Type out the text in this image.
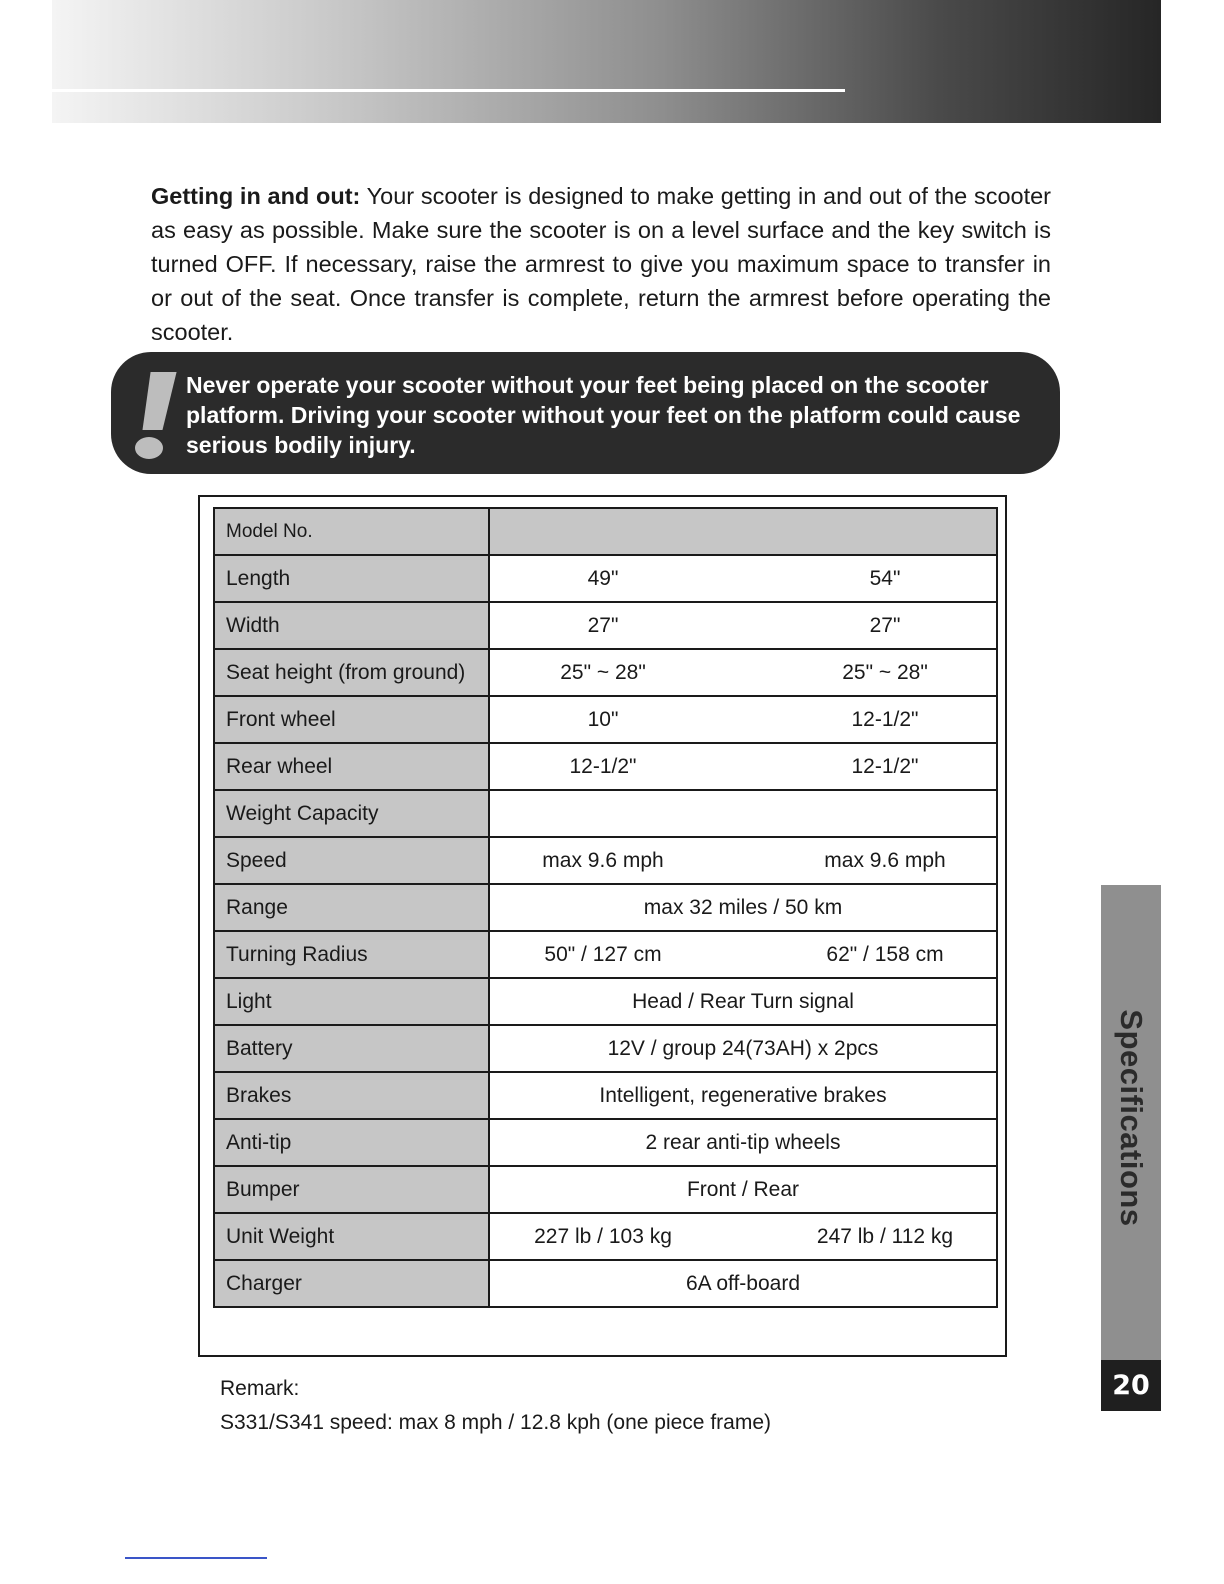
Getting in and out: Your scooter is designed to make getting in and out of the scooter as easy as possible. Make sure the scooter is on a level surface and the key switch is turned OFF. If necessary, raise the armrest to give you maximum space to transfer in or out of the seat. Once transfer is complete, return the armrest before operating the scooter.

Never operate your scooter without your feet being placed on the scooter platform. Driving your scooter without your feet on the platform could cause serious bodily injury.
Model No.	
Length	49" 54"

Width	27" 27"

Seat height (from ground)	25" ~ 28" 25" ~ 28"

Front wheel	10" 12-1/2"

Rear wheel	12-1/2" 12-1/2"

Weight Capacity	

Speed	max 9.6 mph max 9.6 mph

Range	max 32 miles / 50 km
Turning Radius	50" / 127 cm 62" / 158 cm

Light	Head / Rear Turn signal
Battery	12V / group 24(73AH) x 2pcs
Brakes	Intelligent, regenerative brakes
Anti-tip	2 rear anti-tip wheels
Bumper	Front / Rear
Unit Weight	227 lb / 103 kg 247 lb / 112 kg

Charger	6A off-board
Remark:
S331/S341 speed: max 8 mph / 12.8 kph (one piece frame)
Specifications
20
